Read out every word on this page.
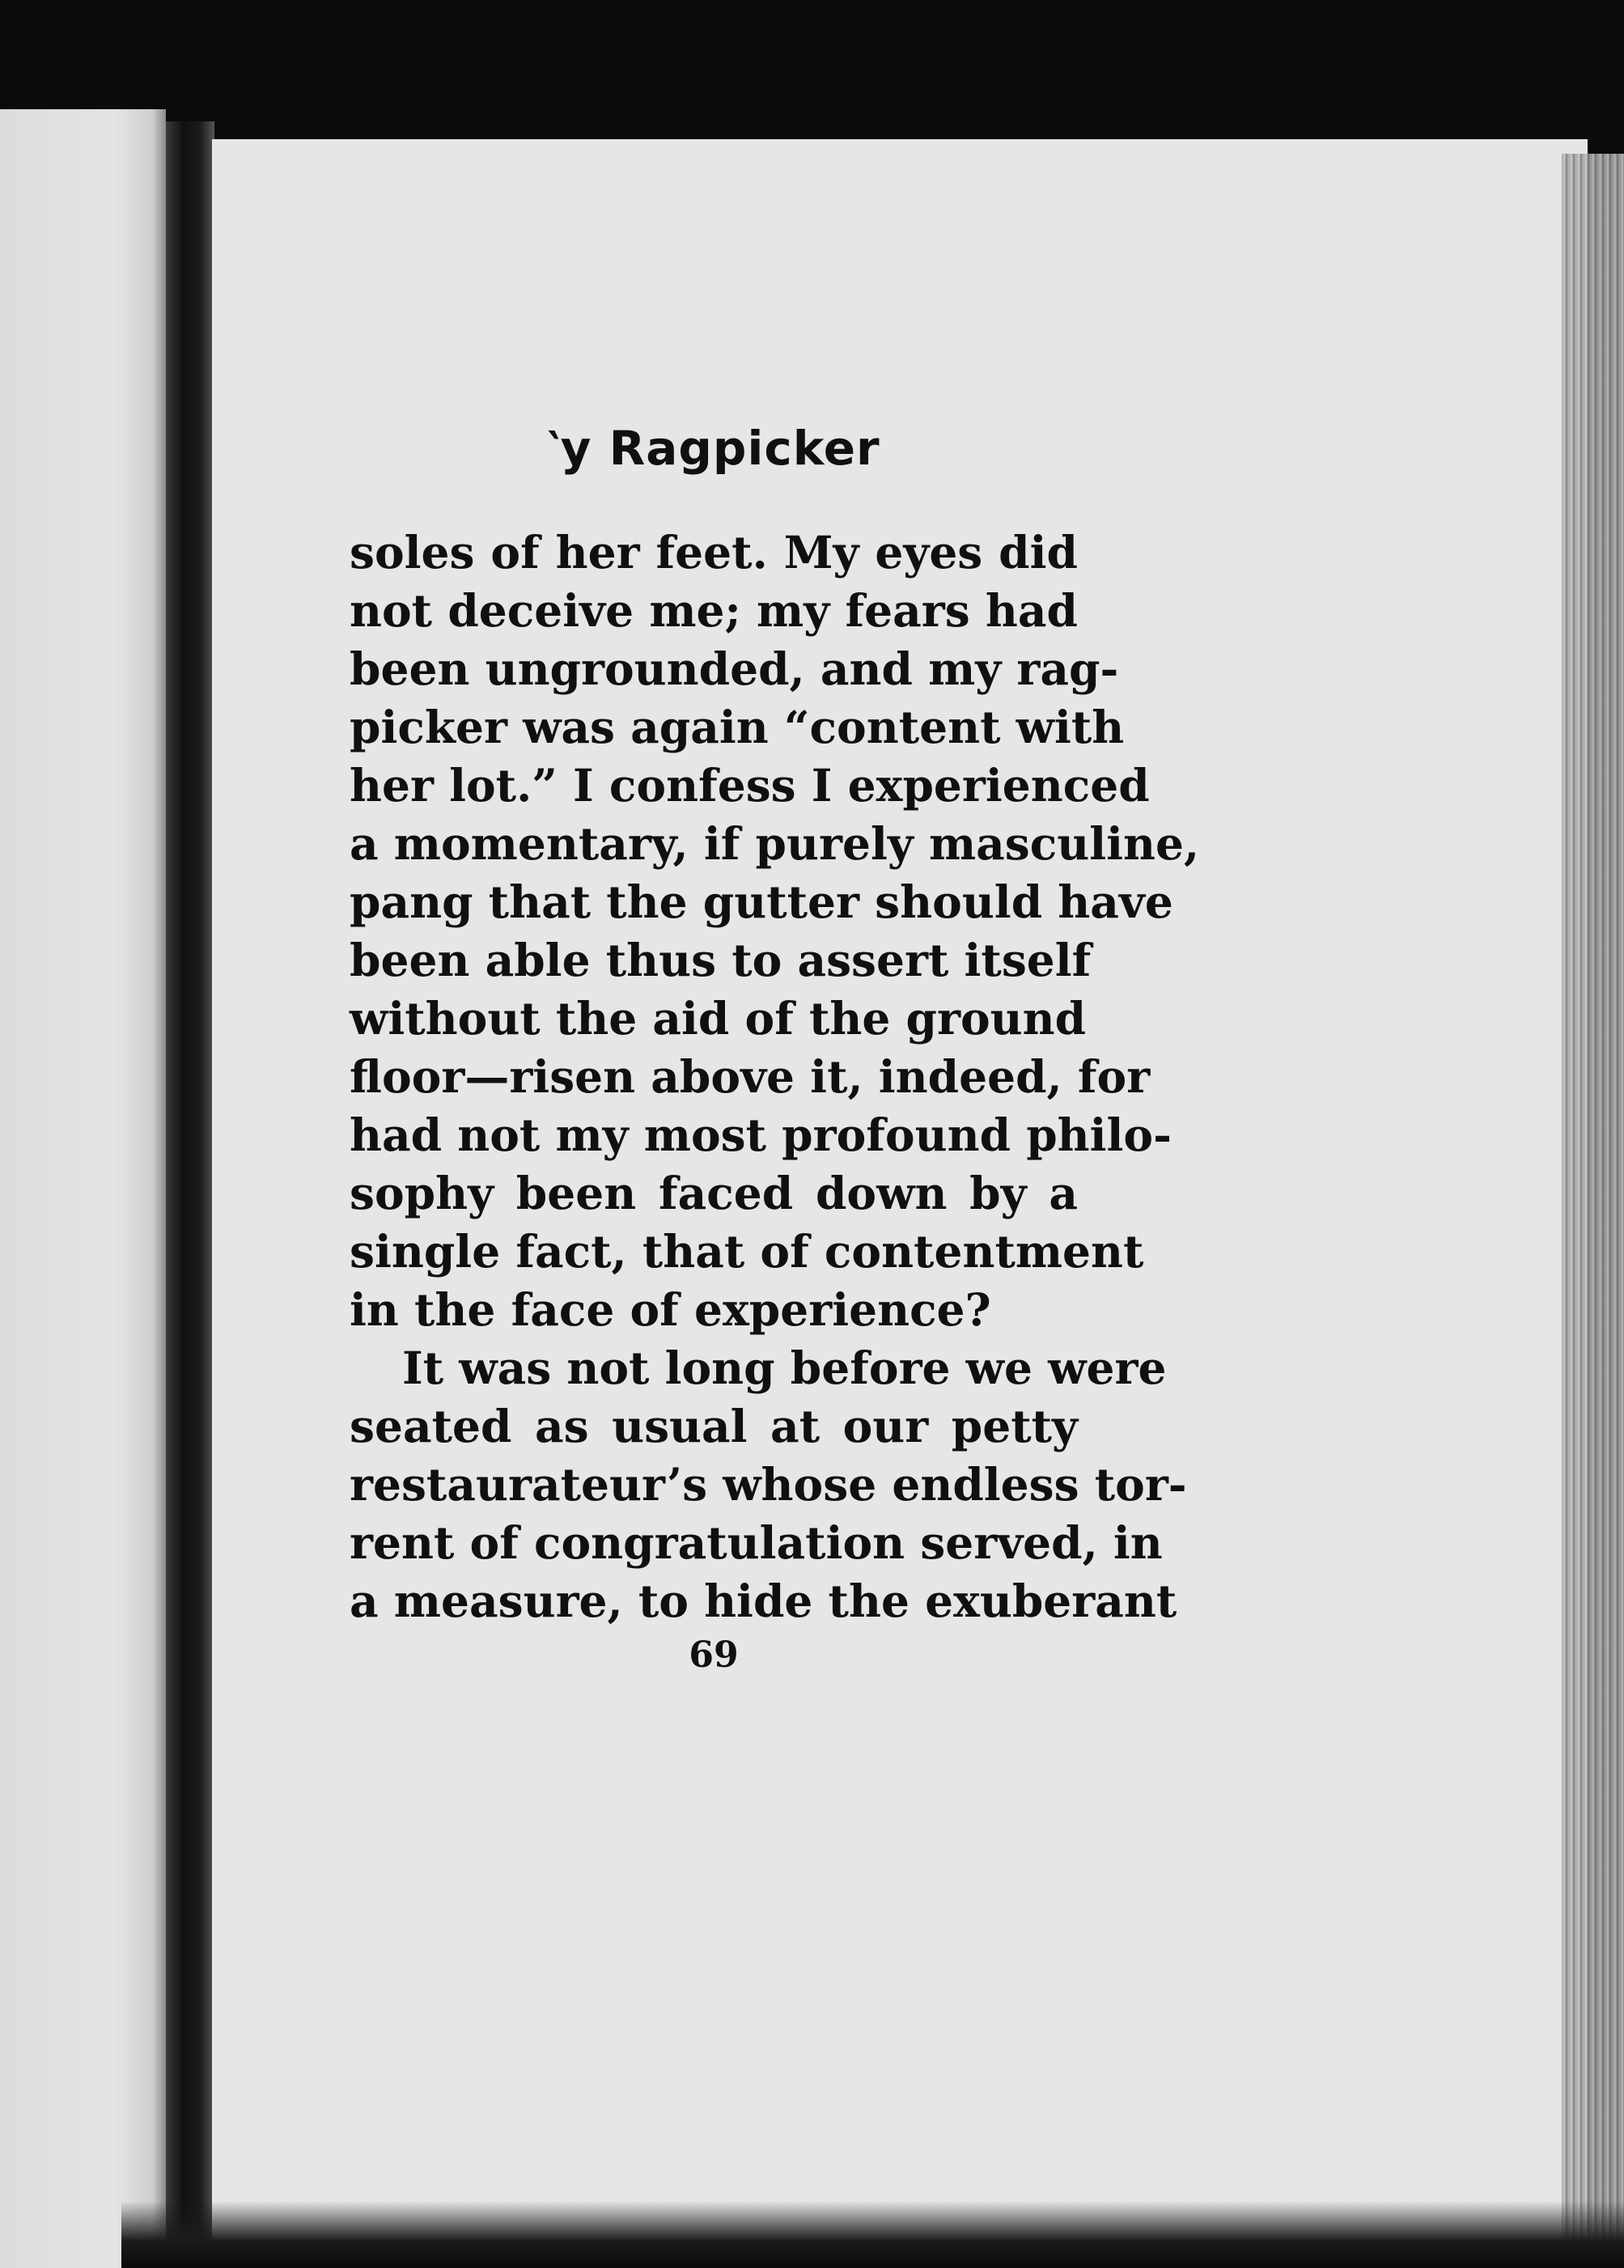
‵y Ragpicker
soles of her feet. My eyes did
not deceive me; my fears had
been ungrounded, and my rag-
picker was again “content with
her lot.” I confess I experienced
a momentary, if purely masculine,
pang that the gutter should have
been able thus to assert itself
without the aid of the ground
floor—risen above it, indeed, for
had not my most profound philo-
sophy been faced down by a
single fact, that of contentment
in the face of experience?
It was not long before we were
seated as usual at our petty
restaurateur’s whose endless tor-
rent of congratulation served, in
a measure, to hide the exuberant
69
